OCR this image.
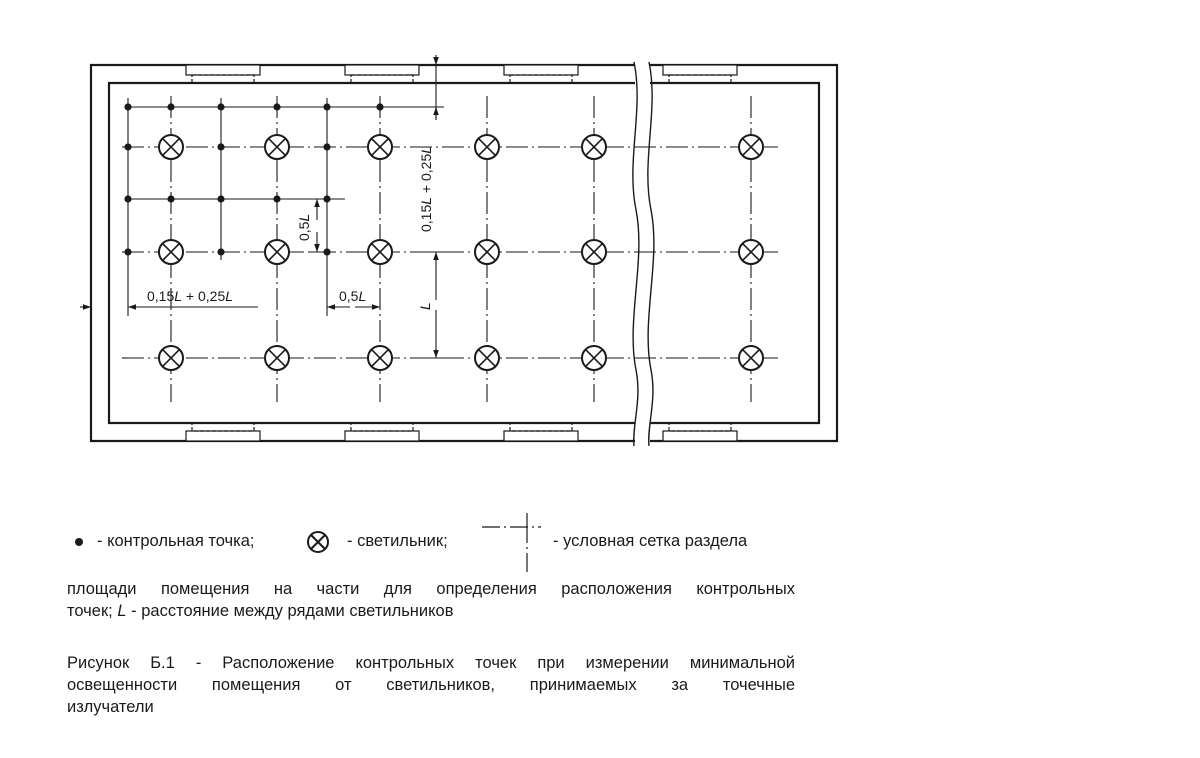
0,15L + 0,25L
0,15L + 0,25L	0,5L
0,5L
L
- контрольная точка;	- светильник;	- условная сетка раздела
площади помещения на части для определения расположения контрольных
точек; L - расстояние между рядами светильников
Рисунок Б.1 - Расположение контрольных точек при измерении минимальной
освещенности помещения от светильников, принимаемых за точечные
излучатели
